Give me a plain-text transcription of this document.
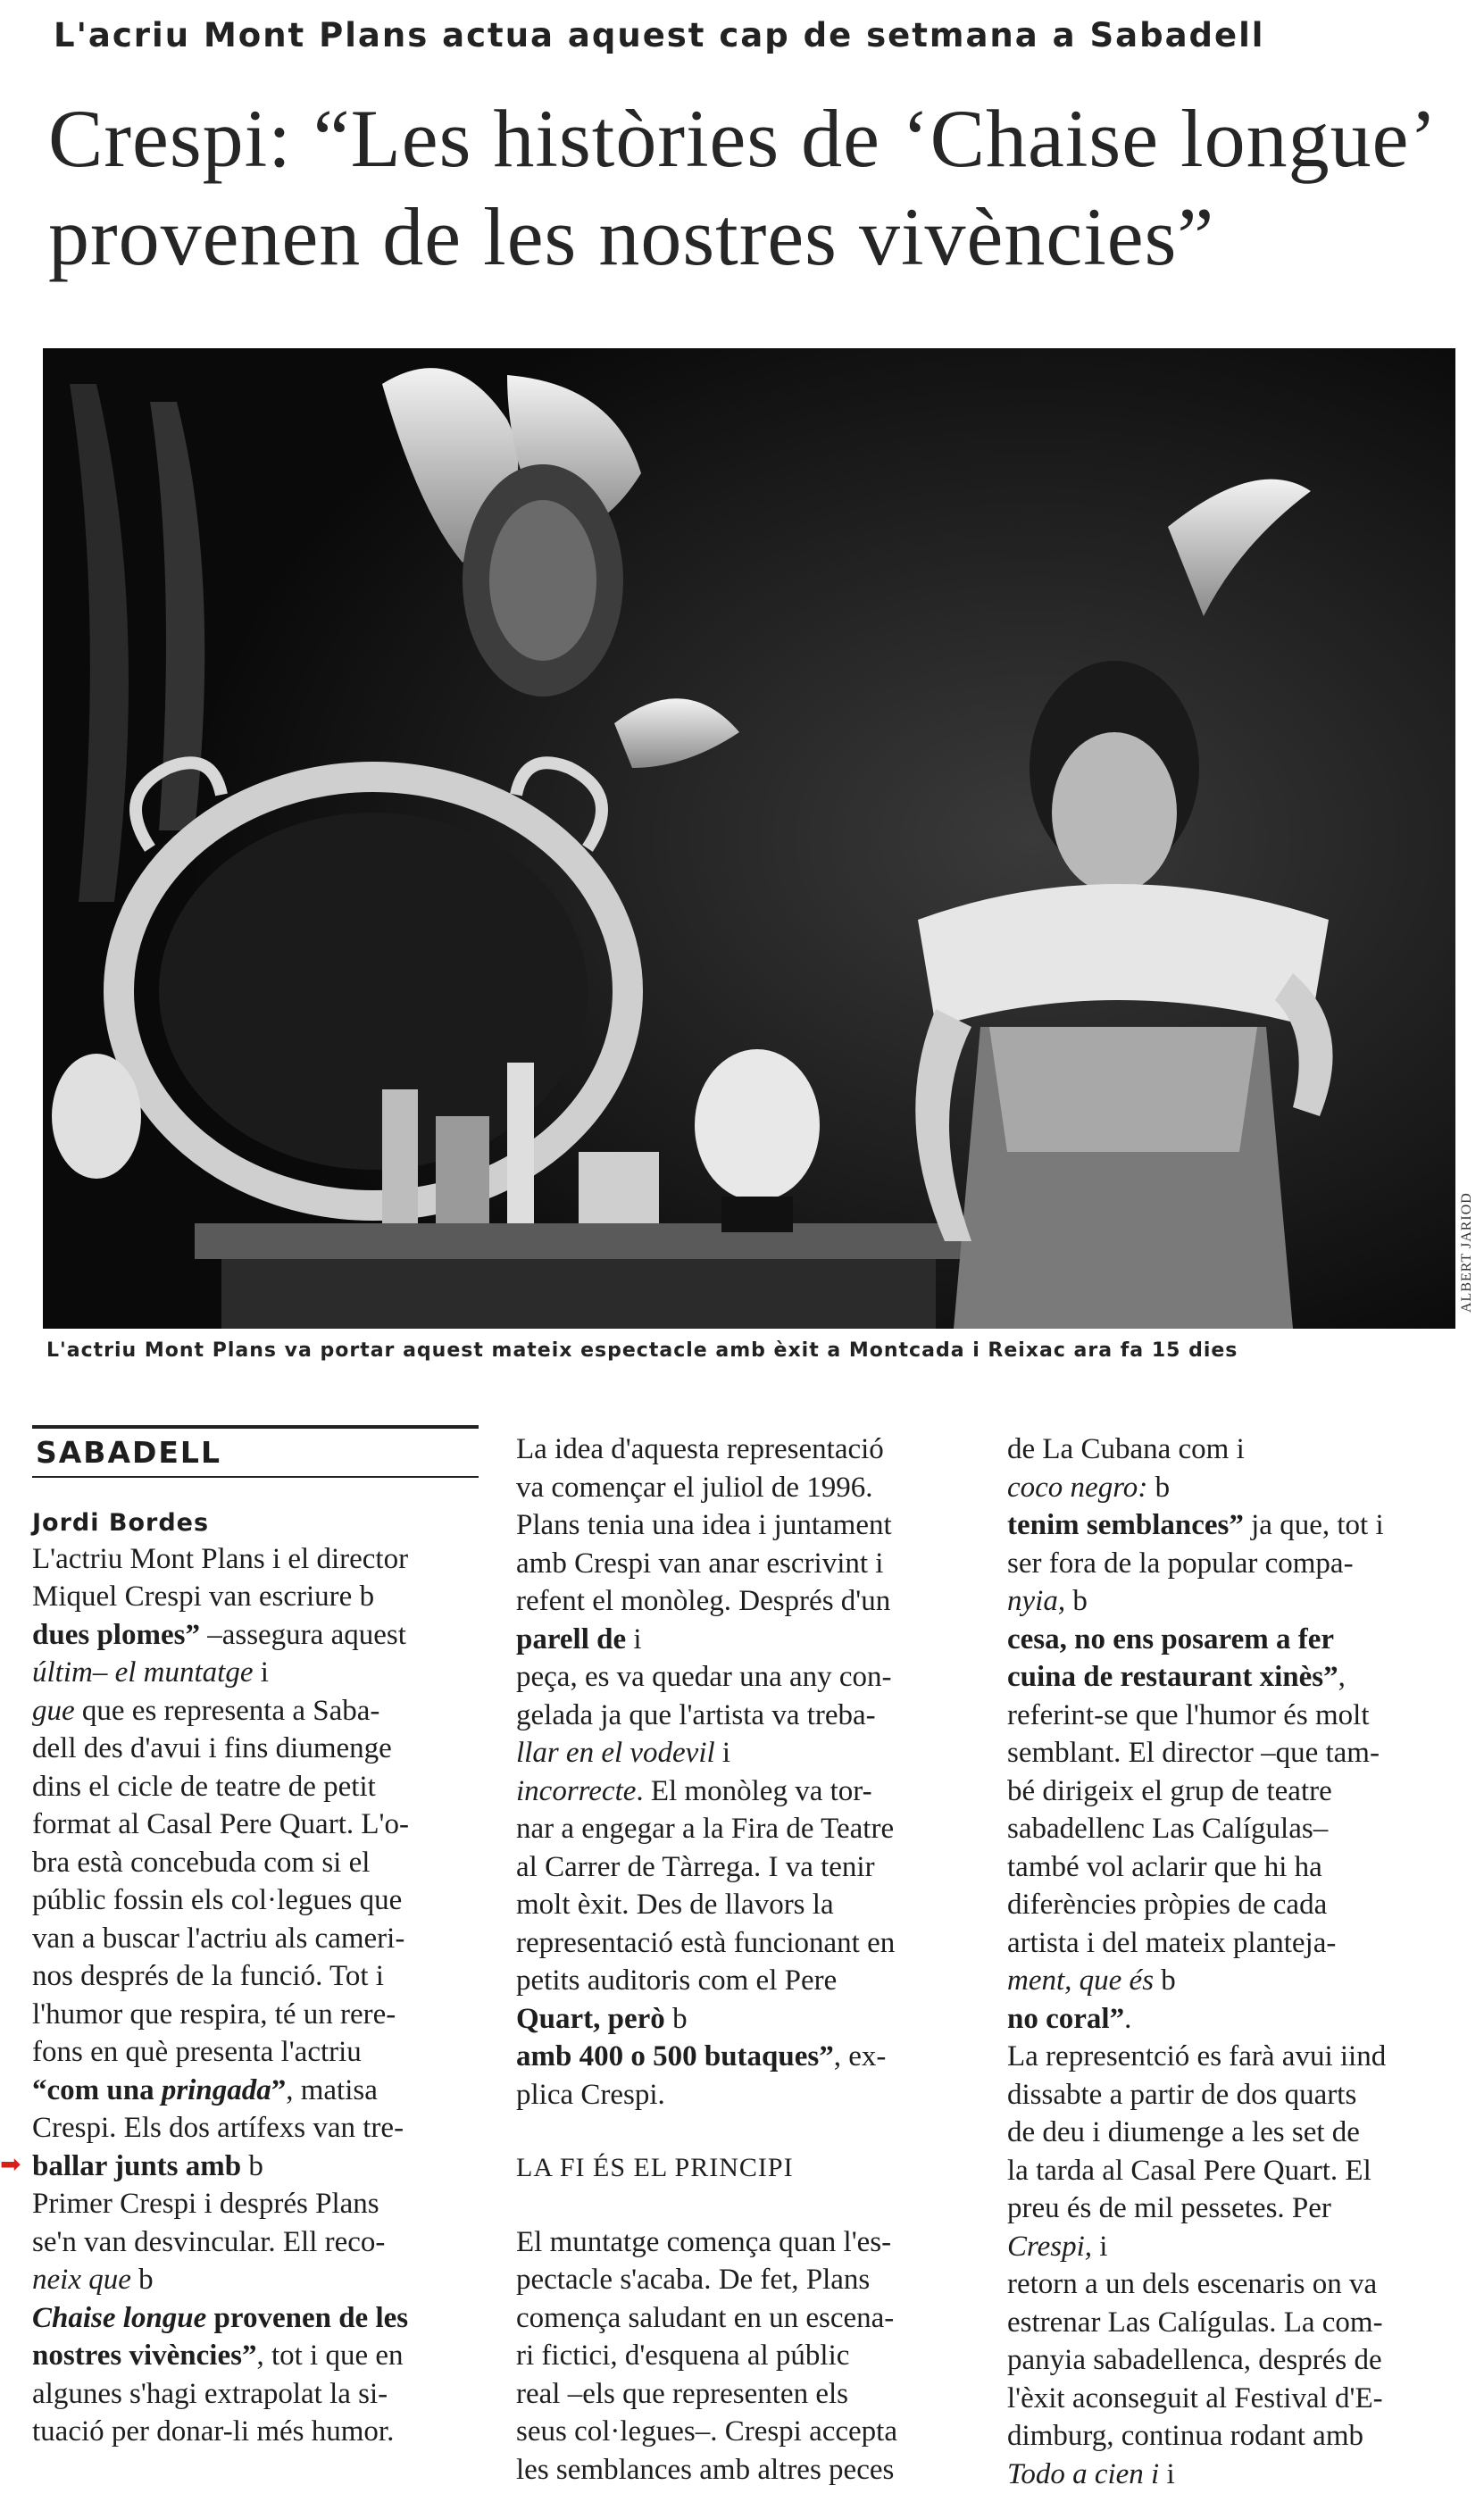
L'acriu Mont Plans actua aquest cap de setmana a Sabadell
Crespi: “Les històries de ‘Chaise longue’
provenen de les nostres vivències”
ALBERT JARIOD
L'actriu Mont Plans va portar aquest mateix espectacle amb èxit a Montcada i Reixac ara fa 15 dies
SABADELL
Jordi Bordes
➡
L'actriu Mont Plans i el director
Miquel Crespi van escriure b
dues plomes” –assegura aquest
últim– el muntatge i
gue que es representa a Saba-
dell des d'avui i fins diumenge
dins el cicle de teatre de petit
format al Casal Pere Quart. L'o-
bra està concebuda com si el
públic fossin els col·legues que
van a buscar l'actriu als cameri-
nos després de la funció. Tot i
l'humor que respira, té un rere-
fons en què presenta l'actriu
“com una pringada”, matisa
Crespi. Els dos artífexs van tre-
ballar junts amb b
Primer Crespi i després Plans
se'n van desvincular. Ell reco-
neix que b
Chaise longue provenen de les
nostres vivències”, tot i que en
algunes s'hagi extrapolat la si-
tuació per donar-li més humor.
La idea d'aquesta representació
va començar el juliol de 1996.
Plans tenia una idea i juntament
amb Crespi van anar escrivint i
refent el monòleg. Després d'un
parell de i
peça, es va quedar una any con-
gelada ja que l'artista va treba-
llar en el vodevil i
incorrecte. El monòleg va tor-
nar a engegar a la Fira de Teatre
al Carrer de Tàrrega. I va tenir
molt èxit. Des de llavors la
representació està funcionant en
petits auditoris com el Pere
Quart, però b
amb 400 o 500 butaques”, ex-
plica Crespi.
LA FI ÉS EL PRINCIPI
El muntatge comença quan l'es-
pectacle s'acaba. De fet, Plans
comença saludant en un escena-
ri fictici, d'esquena al públic
real –els que representen els
seus col·legues–. Crespi accepta
les semblances amb altres peces
de La Cubana com i
coco negro: b
tenim semblances” ja que, tot i
ser fora de la popular compa-
nyia, b
cesa, no ens posarem a fer
cuina de restaurant xinès”,
referint-se que l'humor és molt
semblant. El director –que tam-
bé dirigeix el grup de teatre
sabadellenc Las Calígulas–
també vol aclarir que hi ha
diferències pròpies de cada
artista i del mateix planteja-
ment, que és b
no coral”.
La representció es farà avui iind
dissabte a partir de dos quarts
de deu i diumenge a les set de
la tarda al Casal Pere Quart. El
preu és de mil pessetes. Per
Crespi, i
retorn a un dels escenaris on va
estrenar Las Calígulas. La com-
panyia sabadellenca, després de
l'èxit aconseguit al Festival d'E-
dimburg, continua rodant amb
Todo a cien i i
